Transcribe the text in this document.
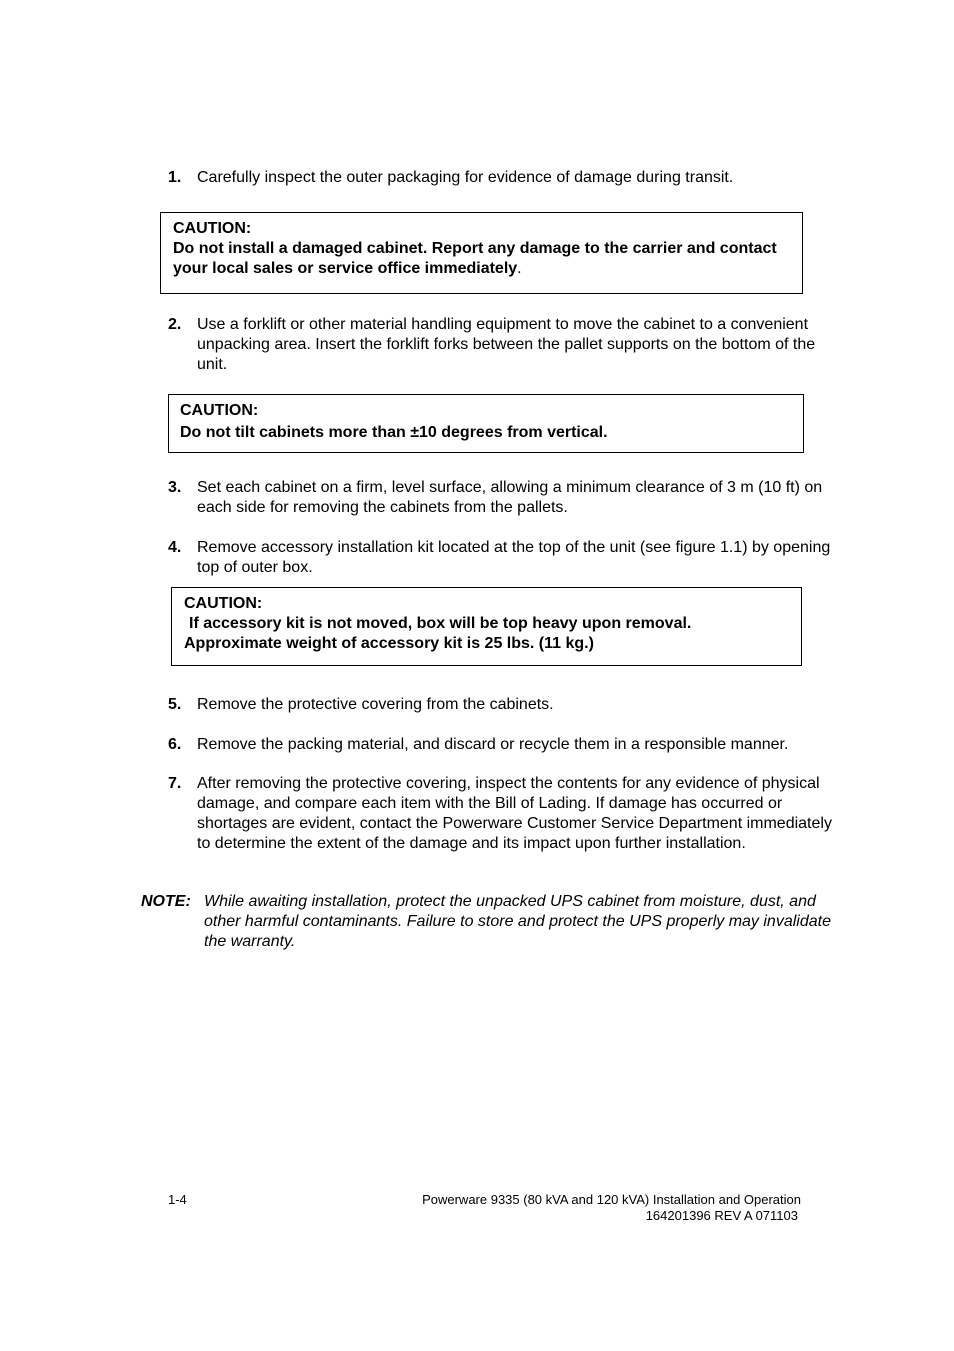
1. Carefully inspect the outer packaging for evidence of damage during transit.
CAUTION:
Do not install a damaged cabinet. Report any damage to the carrier and contact your local sales or service office immediately.
2. Use a forklift or other material handling equipment to move the cabinet to a convenient unpacking area. Insert the forklift forks between the pallet supports on the bottom of the unit.
CAUTION:
Do not tilt cabinets more than ±10 degrees from vertical.
3. Set each cabinet on a firm, level surface, allowing a minimum clearance of 3 m (10 ft) on each side for removing the cabinets from the pallets.
4. Remove accessory installation kit located at the top of the unit (see figure 1.1) by opening top of outer box.
CAUTION:
If accessory kit is not moved, box will be top heavy upon removal. Approximate weight of accessory kit is 25 lbs. (11 kg.)
5. Remove the protective covering from the cabinets.
6. Remove the packing material, and discard or recycle them in a responsible manner.
7. After removing the protective covering, inspect the contents for any evidence of physical damage, and compare each item with the Bill of Lading. If damage has occurred or shortages are evident, contact the Powerware Customer Service Department immediately to determine the extent of the damage and its impact upon further installation.
NOTE: While awaiting installation, protect the unpacked UPS cabinet from moisture, dust, and other harmful contaminants. Failure to store and protect the UPS properly may invalidate the warranty.
1-4	Powerware 9335 (80 kVA and 120 kVA) Installation and Operation
164201396 REV A 071103
